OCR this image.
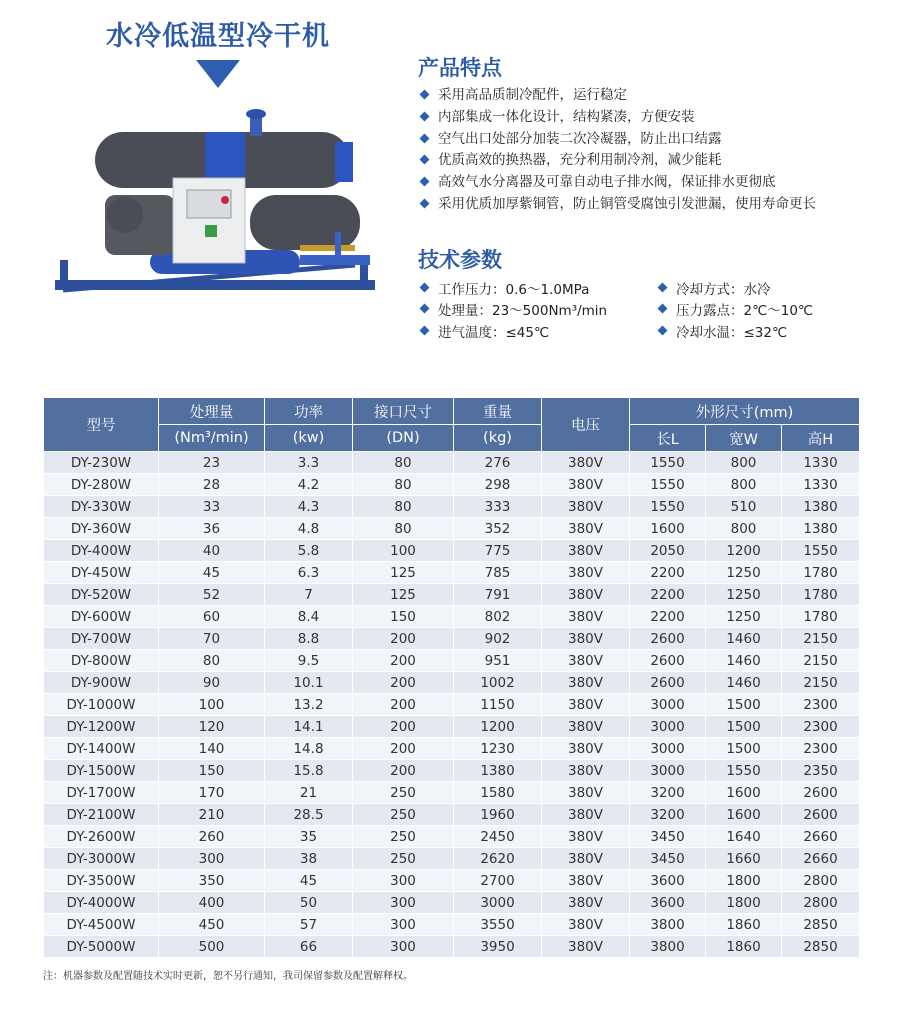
水冷低温型冷干机
产品特点
采用高品质制冷配件，运行稳定
内部集成一体化设计，结构紧凑，方便安装
空气出口处部分加装二次冷凝器，防止出口结露
优质高效的换热器，充分利用制冷剂，减少能耗
高效气水分离器及可靠自动电子排水阀，保证排水更彻底
采用优质加厚紫铜管，防止铜管受腐蚀引发泄漏，使用寿命更长
技术参数
工作压力：0.6～1.0MPa	冷却方式：水冷
处理量：23～500Nm³/min	压力露点：2℃～10℃
进气温度：≤45℃	冷却水温：≤32℃
型号	处理量	功率	接口尺寸	重量	电压	外形尺寸(mm)		
	(Nm³/min)	(kw)	(DN)	(kg)		长L	宽W	高H
DY-230W	23	3.3	80	276	380V	1550	800	1330
DY-280W	28	4.2	80	298	380V	1550	800	1330
DY-330W	33	4.3	80	333	380V	1550	510	1380
DY-360W	36	4.8	80	352	380V	1600	800	1380
DY-400W	40	5.8	100	775	380V	2050	1200	1550
DY-450W	45	6.3	125	785	380V	2200	1250	1780
DY-520W	52	7	125	791	380V	2200	1250	1780
DY-600W	60	8.4	150	802	380V	2200	1250	1780
DY-700W	70	8.8	200	902	380V	2600	1460	2150
DY-800W	80	9.5	200	951	380V	2600	1460	2150
DY-900W	90	10.1	200	1002	380V	2600	1460	2150
DY-1000W	100	13.2	200	1150	380V	3000	1500	2300
DY-1200W	120	14.1	200	1200	380V	3000	1500	2300
DY-1400W	140	14.8	200	1230	380V	3000	1500	2300
DY-1500W	150	15.8	200	1380	380V	3000	1550	2350
DY-1700W	170	21	250	1580	380V	3200	1600	2600
DY-2100W	210	28.5	250	1960	380V	3200	1600	2600
DY-2600W	260	35	250	2450	380V	3450	1640	2660
DY-3000W	300	38	250	2620	380V	3450	1660	2660
DY-3500W	350	45	300	2700	380V	3600	1800	2800
DY-4000W	400	50	300	3000	380V	3600	1800	2800
DY-4500W	450	57	300	3550	380V	3800	1860	2850
DY-5000W	500	66	300	3950	380V	3800	1860	2850
注：机器参数及配置随技术实时更新，恕不另行通知，我司保留参数及配置解释权。
